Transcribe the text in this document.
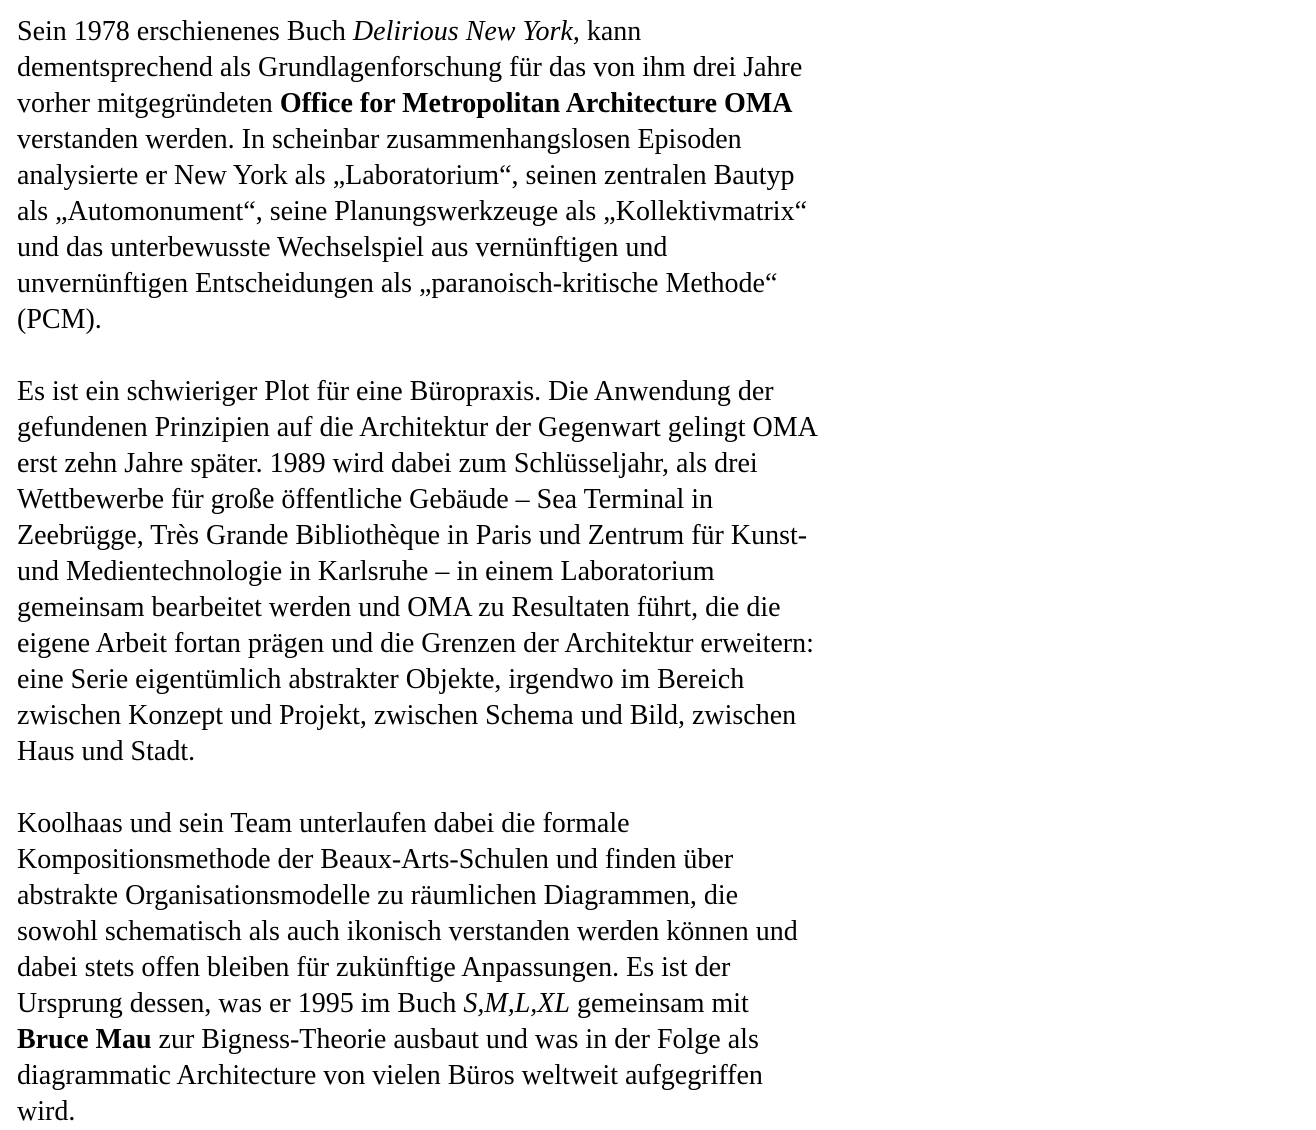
Sein 1978 erschienenes Buch Delirious New York, kann dementsprechend als Grundlagenforschung für das von ihm drei Jahre vorher mitgegründeten Office for Metropolitan Architecture OMA verstanden werden. In scheinbar zusammenhangslosen Episoden analysierte er New York als „Laboratorium“, seinen zentralen Bautyp als „Automonument“, seine Planungswerkzeuge als „Kollektivmatrix“ und das unterbewusste Wechselspiel aus vernünftigen und unvernünftigen Entscheidungen als „paranoisch-kritische Methode“ (PCM).

Es ist ein schwieriger Plot für eine Büropraxis. Die Anwendung der gefundenen Prinzipien auf die Architektur der Gegenwart gelingt OMA erst zehn Jahre später. 1989 wird dabei zum Schlüsseljahr, als drei Wettbewerbe für große öffentliche Gebäude – Sea Terminal in Zeebrügge, Très Grande Bibliothèque in Paris und Zentrum für Kunst- und Medientechnologie in Karlsruhe – in einem Laboratorium gemeinsam bearbeitet werden und OMA zu Resultaten führt, die die eigene Arbeit fortan prägen und die Grenzen der Architektur erweitern: eine Serie eigentümlich abstrakter Objekte, irgendwo im Bereich zwischen Konzept und Projekt, zwischen Schema und Bild, zwischen Haus und Stadt.

Koolhaas und sein Team unterlaufen dabei die formale Kompositionsmethode der Beaux-Arts-Schulen und finden über abstrakte Organisationsmodelle zu räumlichen Diagrammen, die sowohl schematisch als auch ikonisch verstanden werden können und dabei stets offen bleiben für zukünftige Anpassungen. Es ist der Ursprung dessen, was er 1995 im Buch S,M,L,XL gemeinsam mit Bruce Mau zur Bigness-Theorie ausbaut und was in der Folge als diagrammatic Architecture von vielen Büros weltweit aufgegriffen wird.
